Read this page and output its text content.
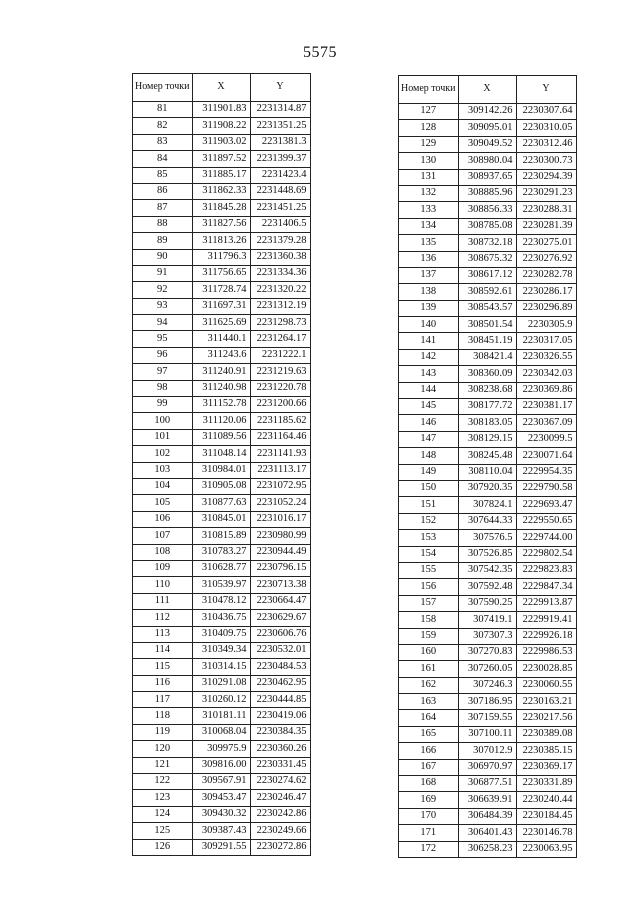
5575
Номер точки	X	Y
81	311901.83	2231314.87
82	311908.22	2231351.25
83	311903.02	2231381.3
84	311897.52	2231399.37
85	311885.17	2231423.4
86	311862.33	2231448.69
87	311845.28	2231451.25
88	311827.56	2231406.5
89	311813.26	2231379.28
90	311796.3	2231360.38
91	311756.65	2231334.36
92	311728.74	2231320.22
93	311697.31	2231312.19
94	311625.69	2231298.73
95	311440.1	2231264.17
96	311243.6	2231222.1
97	311240.91	2231219.63
98	311240.98	2231220.78
99	311152.78	2231200.66
100	311120.06	2231185.62
101	311089.56	2231164.46
102	311048.14	2231141.93
103	310984.01	2231113.17
104	310905.08	2231072.95
105	310877.63	2231052.24
106	310845.01	2231016.17
107	310815.89	2230980.99
108	310783.27	2230944.49
109	310628.77	2230796.15
110	310539.97	2230713.38
111	310478.12	2230664.47
112	310436.75	2230629.67
113	310409.75	2230606.76
114	310349.34	2230532.01
115	310314.15	2230484.53
116	310291.08	2230462.95
117	310260.12	2230444.85
118	310181.11	2230419.06
119	310068.04	2230384.35
120	309975.9	2230360.26
121	309816.00	2230331.45
122	309567.91	2230274.62
123	309453.47	2230246.47
124	309430.32	2230242.86
125	309387.43	2230249.66
126	309291.55	2230272.86
Номер точки	X	Y
127	309142.26	2230307.64
128	309095.01	2230310.05
129	309049.52	2230312.46
130	308980.04	2230300.73
131	308937.65	2230294.39
132	308885.96	2230291.23
133	308856.33	2230288.31
134	308785.08	2230281.39
135	308732.18	2230275.01
136	308675.32	2230276.92
137	308617.12	2230282.78
138	308592.61	2230286.17
139	308543.57	2230296.89
140	308501.54	2230305.9
141	308451.19	2230317.05
142	308421.4	2230326.55
143	308360.09	2230342.03
144	308238.68	2230369.86
145	308177.72	2230381.17
146	308183.05	2230367.09
147	308129.15	2230099.5
148	308245.48	2230071.64
149	308110.04	2229954.35
150	307920.35	2229790.58
151	307824.1	2229693.47
152	307644.33	2229550.65
153	307576.5	2229744.00
154	307526.85	2229802.54
155	307542.35	2229823.83
156	307592.48	2229847.34
157	307590.25	2229913.87
158	307419.1	2229919.41
159	307307.3	2229926.18
160	307270.83	2229986.53
161	307260.05	2230028.85
162	307246.3	2230060.55
163	307186.95	2230163.21
164	307159.55	2230217.56
165	307100.11	2230389.08
166	307012.9	2230385.15
167	306970.97	2230369.17
168	306877.51	2230331.89
169	306639.91	2230240.44
170	306484.39	2230184.45
171	306401.43	2230146.78
172	306258.23	2230063.95
